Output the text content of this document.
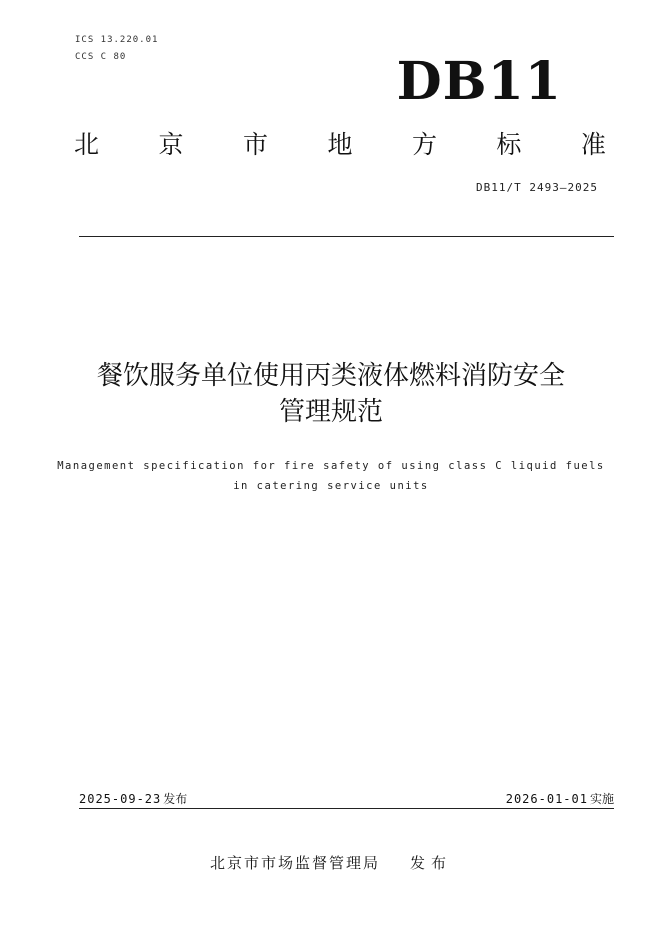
ICS 13.220.01
CCS C 80	DB11
北 京 市 地 方 标 准
DB11/T 2493—2025
餐饮服务单位使用丙类液体燃料消防安全
管理规范
Management specification for fire safety of using class C liquid fuels
in catering service units
2025-09-23 发布	2026-01-01 实施
北京市市场监督管理局 发布
